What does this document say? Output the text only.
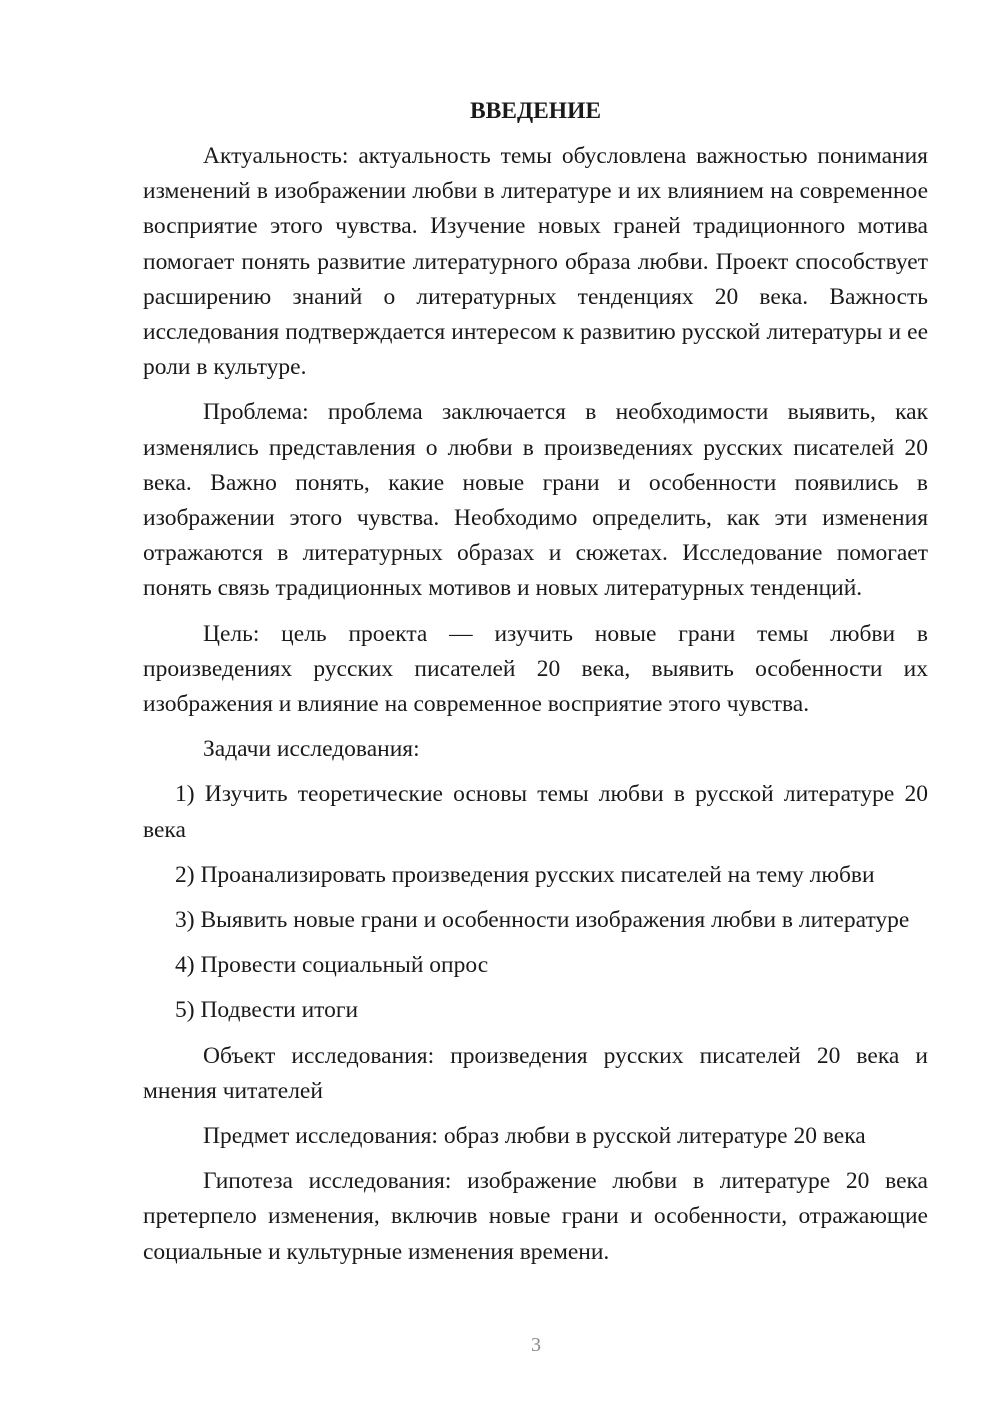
ВВЕДЕНИЕ

Актуальность: актуальность темы обусловлена важностью понимания изменений в изображении любви в литературе и их влиянием на современное восприятие этого чувства. Изучение новых граней традиционного мотива помогает понять развитие литературного образа любви. Проект способствует расширению знаний о литературных тенденциях 20 века. Важность исследования подтверждается интересом к развитию русской литературы и ее роли в культуре.

Проблема: проблема заключается в необходимости выявить, как изменялись представления о любви в произведениях русских писателей 20 века. Важно понять, какие новые грани и особенности появились в изображении этого чувства. Необходимо определить, как эти изменения отражаются в литературных образах и сюжетах. Исследование помогает понять связь традиционных мотивов и новых литературных тенденций.

Цель: цель проекта — изучить новые грани темы любви в произведениях русских писателей 20 века, выявить особенности их изображения и влияние на современное восприятие этого чувства.

Задачи исследования:

1) Изучить теоретические основы темы любви в русской литературе 20 века

2) Проанализировать произведения русских писателей на тему любви

3) Выявить новые грани и особенности изображения любви в литературе

4) Провести социальный опрос

5) Подвести итоги

Объект исследования: произведения русских писателей 20 века и мнения читателей

Предмет исследования: образ любви в русской литературе 20 века

Гипотеза исследования: изображение любви в литературе 20 века претерпело изменения, включив новые грани и особенности, отражающие социальные и культурные изменения времени.

3
